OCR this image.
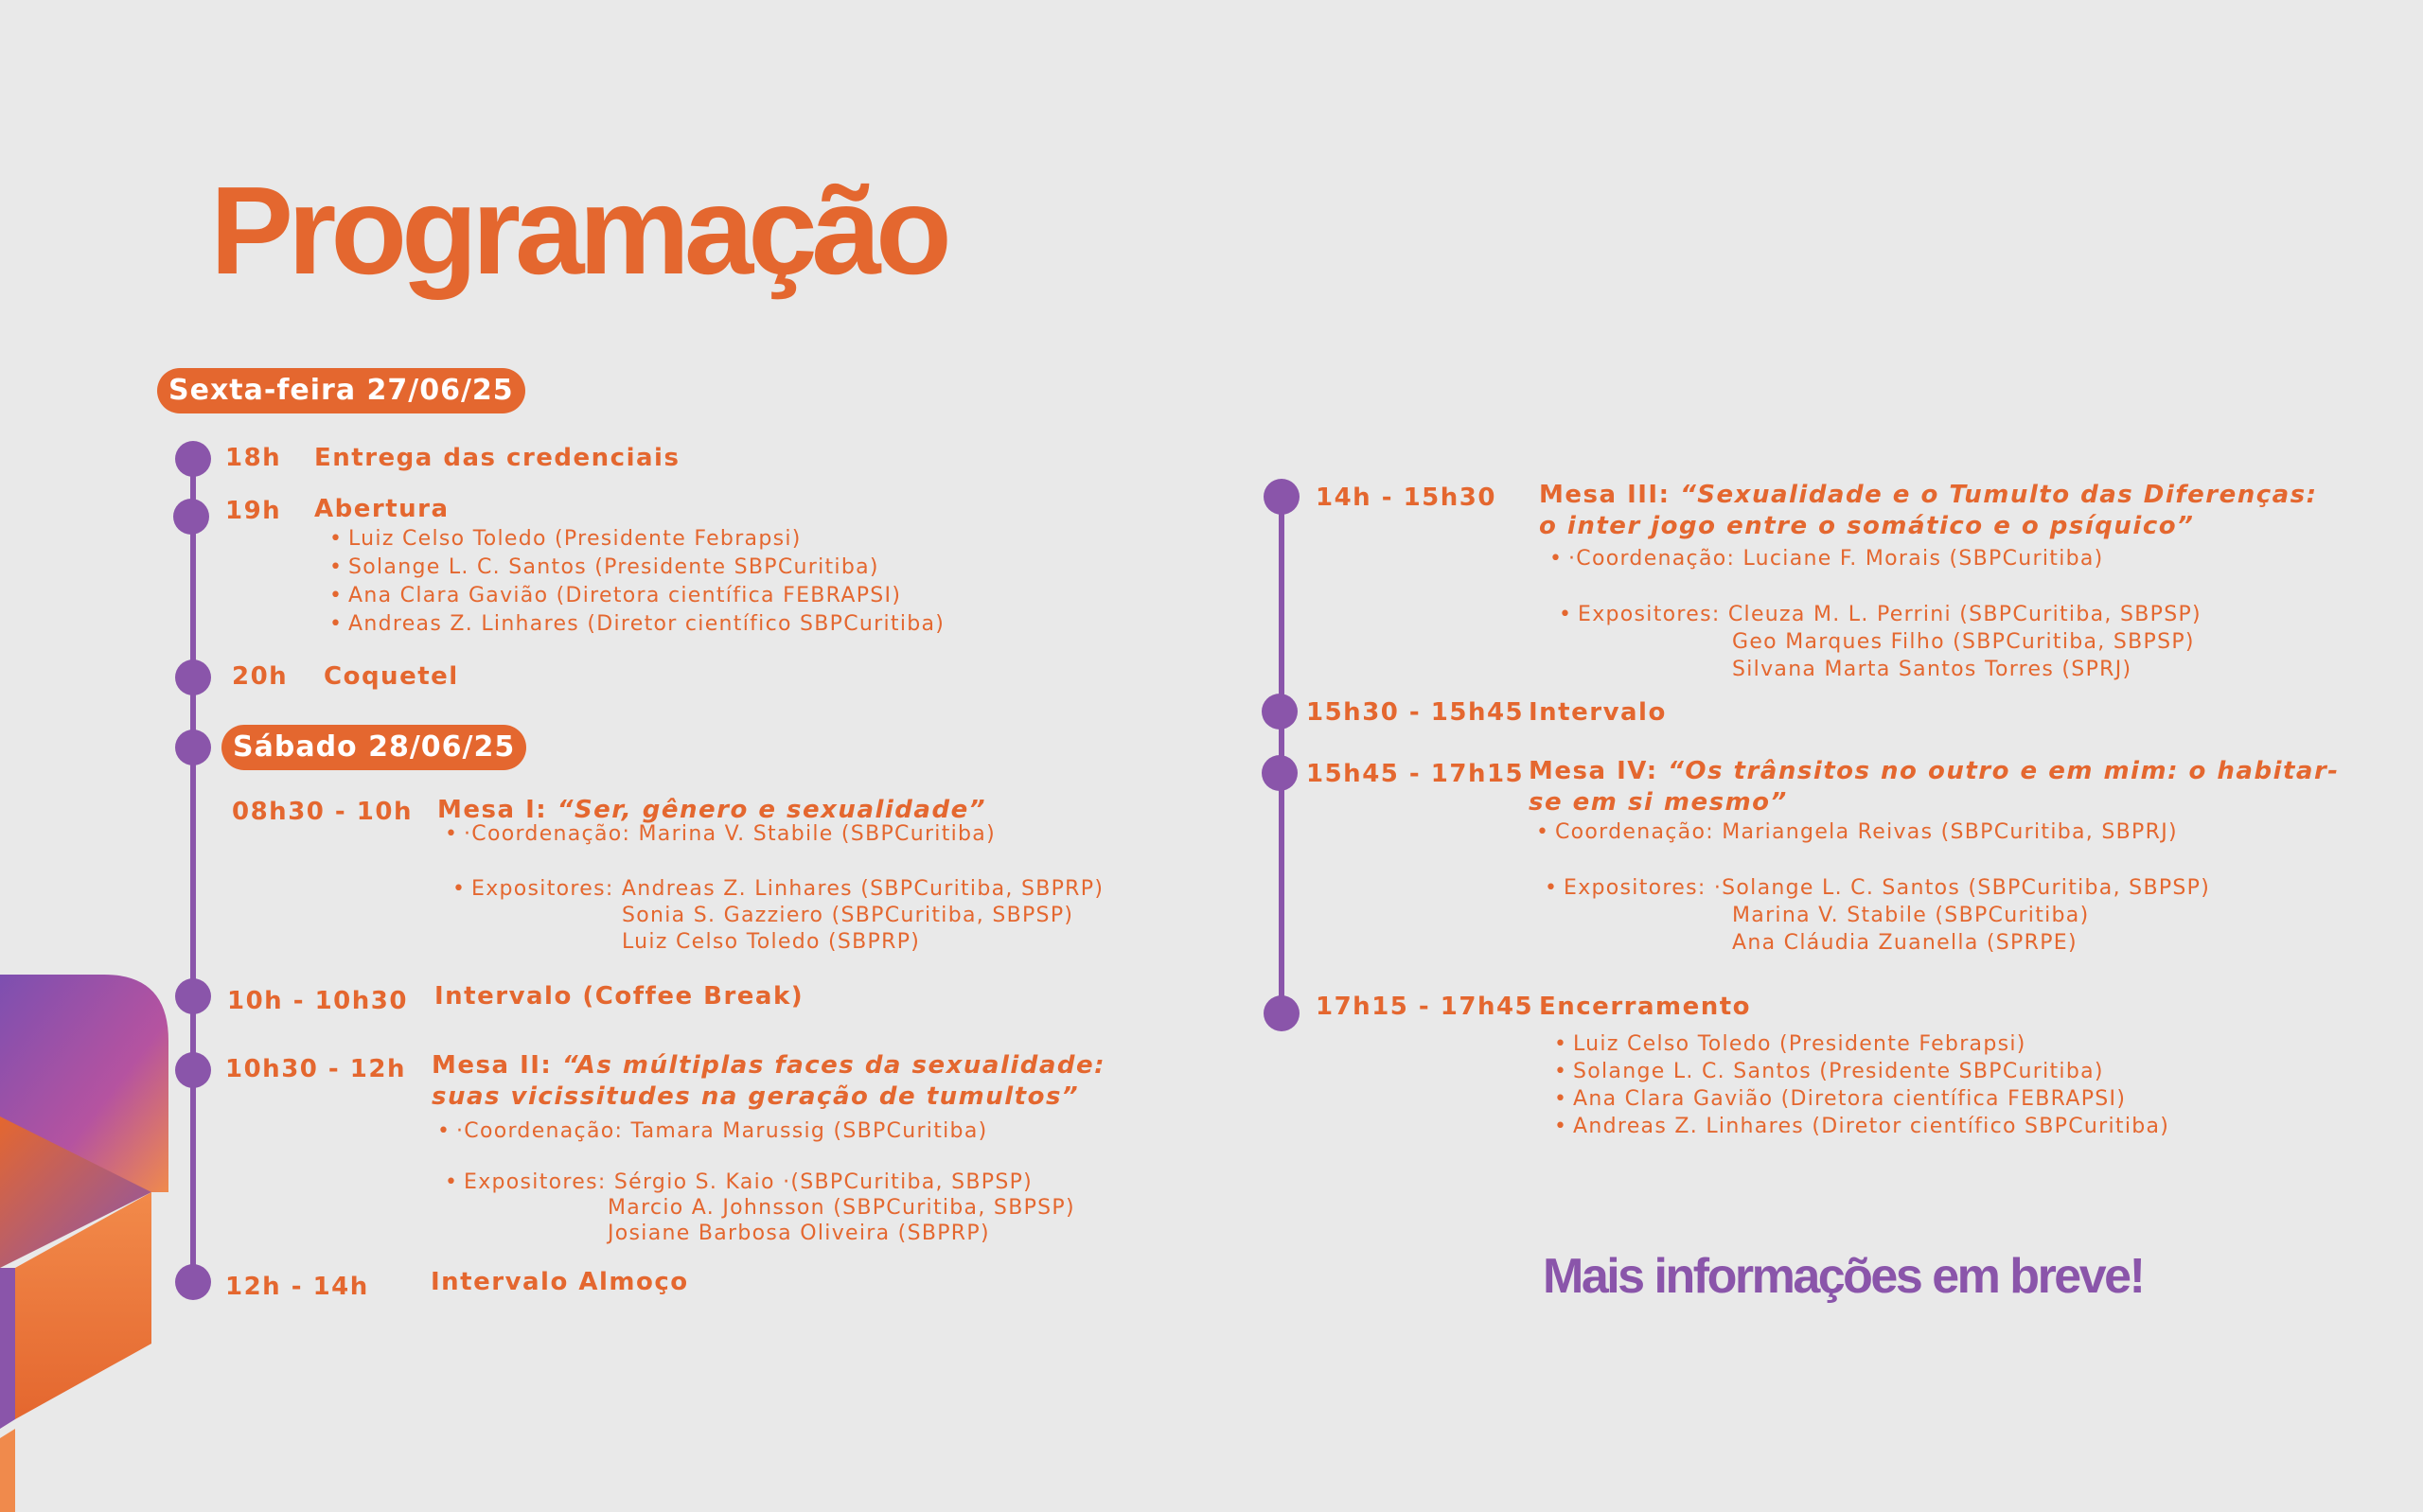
Programação
Sexta-feira 27/06/25
18h Entrega das credenciais
19h Abertura
• Luiz Celso Toledo (Presidente Febrapsi)
• Solange L. C. Santos (Presidente SBPCuritiba)
• Ana Clara Gavião (Diretora científica FEBRAPSI)
• Andreas Z. Linhares (Diretor científico SBPCuritiba)
20h Coquetel
Sábado 28/06/25
08h30 - 10h Mesa I: “Ser, gênero e sexualidade”
• ·Coordenação: Marina V. Stabile (SBPCuritiba)
• Expositores: Andreas Z. Linhares (SBPCuritiba, SBPRP)
Sonia S. Gazziero (SBPCuritiba, SBPSP)
Luiz Celso Toledo (SBPRP)
10h - 10h30 Intervalo (Coffee Break)
10h30 - 12h Mesa II: “As múltiplas faces da sexualidade: suas vicissitudes na geração de tumultos”
• ·Coordenação: Tamara Marussig (SBPCuritiba)
• Expositores: Sérgio S. Kaio ·(SBPCuritiba, SBPSP)
Marcio A. Johnsson (SBPCuritiba, SBPSP)
Josiane Barbosa Oliveira (SBPRP)
12h - 14h	Intervalo Almoço
14h - 15h30 Mesa III: “Sexualidade e o Tumulto das Diferenças: o inter jogo entre o somático e o psíquico”
• ·Coordenação: Luciane F. Morais (SBPCuritiba)
• Expositores: Cleuza M. L. Perrini (SBPCuritiba, SBPSP)
Geo Marques Filho (SBPCuritiba, SBPSP)
Silvana Marta Santos Torres (SPRJ)
15h30 - 15h45 Intervalo
15h45 - 17h15 Mesa IV: “Os trânsitos no outro e em mim: o habitar-se em si mesmo”
• Coordenação: Mariangela Reivas (SBPCuritiba, SBPRJ)
• Expositores: ·Solange L. C. Santos (SBPCuritiba, SBPSP)
Marina V. Stabile (SBPCuritiba)
Ana Cláudia Zuanella (SPRPE)
17h15 - 17h45 Encerramento
• Luiz Celso Toledo (Presidente Febrapsi)
• Solange L. C. Santos (Presidente SBPCuritiba)
• Ana Clara Gavião (Diretora científica FEBRAPSI)
• Andreas Z. Linhares (Diretor científico SBPCuritiba)
Mais informações em breve!
